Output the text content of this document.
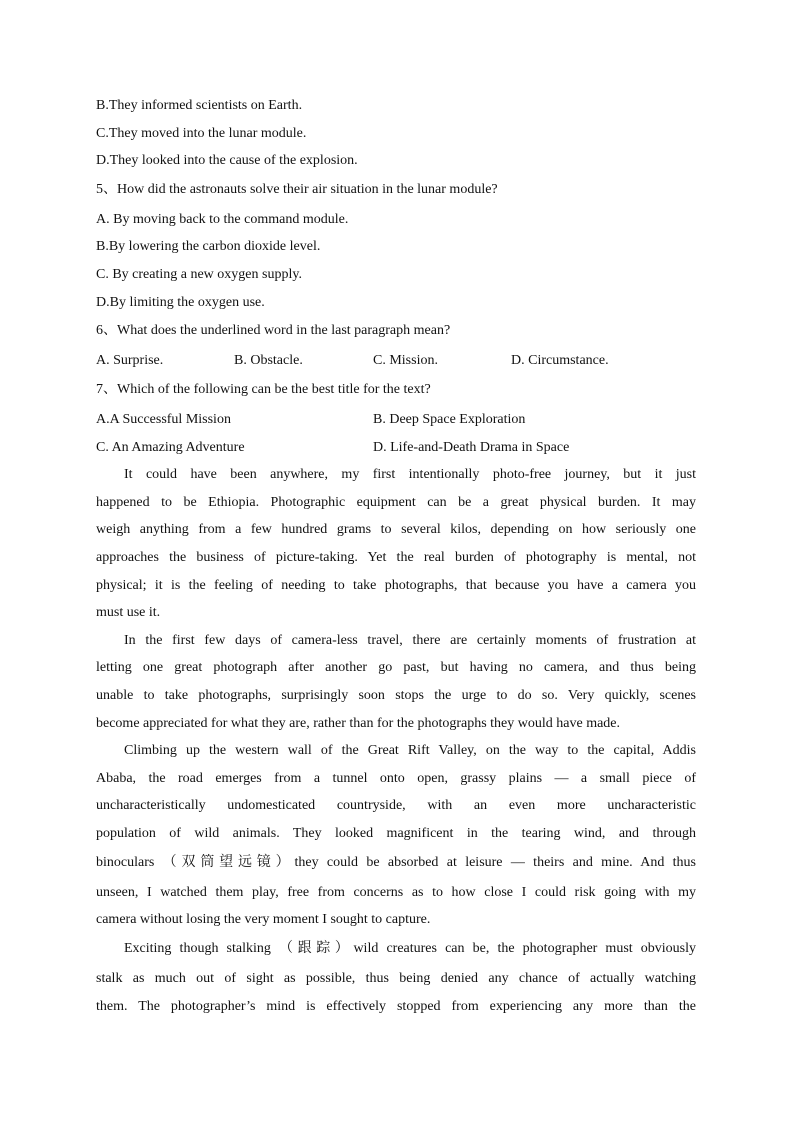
B.They informed scientists on Earth.
C.They moved into the lunar module.
D.They looked into the cause of the explosion.
5、How did the astronauts solve their air situation in the lunar module?
A. By moving back to the command module.
B.By lowering the carbon dioxide level.
C. By creating a new oxygen supply.
D.By limiting the oxygen use.
6、What does the underlined word in the last paragraph mean?
A. Surprise.	B. Obstacle.	C. Mission.	D. Circumstance.
7、Which of the following can be the best title for the text?
A.A Successful Mission	B. Deep Space Exploration
C. An Amazing Adventure	D. Life-and-Death Drama in Space
It could have been anywhere, my first intentionally photo-free journey, but it just
happened to be Ethiopia. Photographic equipment can be a great physical burden. It may
weigh anything from a few hundred grams to several kilos, depending on how seriously one
approaches the business of picture-taking. Yet the real burden of photography is mental, not
physical; it is the feeling of needing to take photographs, that because you have a camera you
must use it.
In the first few days of camera-less travel, there are certainly moments of frustration at
letting one great photograph after another go past, but having no camera, and thus being
unable to take photographs, surprisingly soon stops the urge to do so. Very quickly, scenes
become appreciated for what they are, rather than for the photographs they would have made.
Climbing up the western wall of the Great Rift Valley, on the way to the capital, Addis
Ababa, the road emerges from a tunnel onto open, grassy plains — a small piece of
uncharacteristically undomesticated countryside, with an even more uncharacteristic
population of wild animals. They looked magnificent in the tearing wind, and through
binoculars （双筒望远镜）they could be absorbed at leisure — theirs and mine. And thus
unseen, I watched them play, free from concerns as to how close I could risk going with my
camera without losing the very moment I sought to capture.
Exciting though stalking （跟踪）wild creatures can be, the photographer must obviously
stalk as much out of sight as possible, thus being denied any chance of actually watching
them. The photographer’s mind is effectively stopped from experiencing any more than the
